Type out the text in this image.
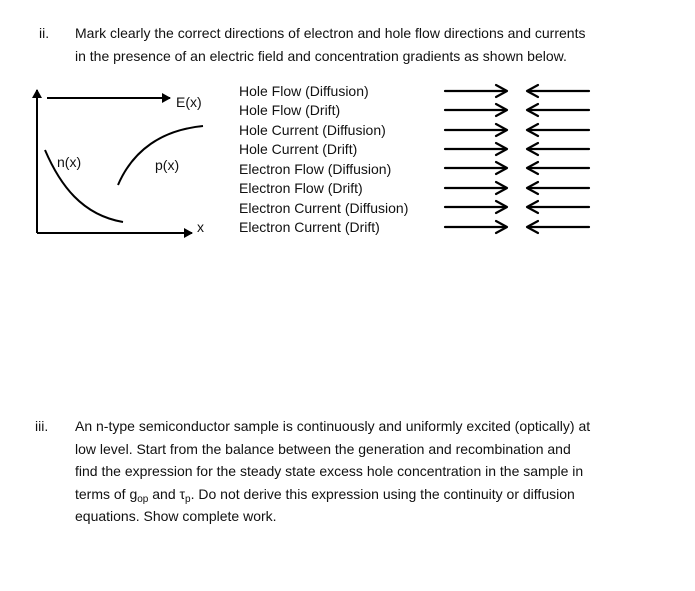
ii. Mark clearly the correct directions of electron and hole flow directions and currents
in the presence of an electric field and concentration gradients as shown below.
E(x)
n(x)	p(x)
x
Hole Flow (Diffusion)
Hole Flow (Drift)
Hole Current (Diffusion)
Hole Current (Drift)
Electron Flow (Diffusion)
Electron Flow (Drift)
Electron Current (Diffusion)
Electron Current (Drift)
iii. An n-type semiconductor sample is continuously and uniformly excited (optically) at
low level. Start from the balance between the generation and recombination and
find the expression for the steady state excess hole concentration in the sample in
terms of $g_{op}$ and $\tau_p$. Do not derive this expression using the continuity or diffusion
equations. Show complete work.
